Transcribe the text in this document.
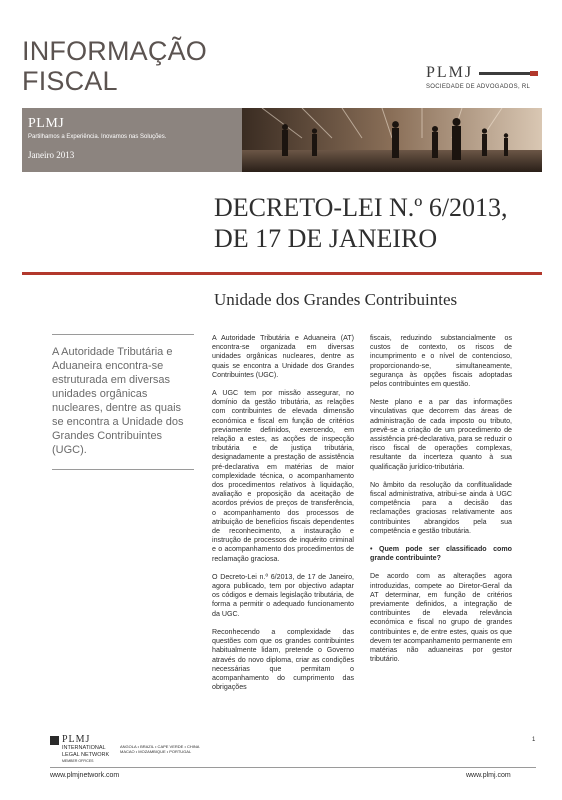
INFORMAÇÃO
FISCAL	PLMJ
SOCIEDADE DE ADVOGADOS, RL
PLMJ
Partilhamos a Experiência. Inovamos nas Soluções.
Janeiro 2013
DECRETO-LEI N.º 6/2013,
DE 17 DE JANEIRO
Unidade dos Grandes Contribuintes
A Autoridade Tributária e Aduaneira encontra-se estruturada em diversas unidades orgânicas nucleares, dentre as quais se encontra a Unidade dos Grandes Contribuintes (UGC).

A Autoridade Tributária e Aduaneira (AT) encontra-se organizada em diversas unidades orgânicas nucleares, dentre as quais se encontra a Unidade dos Grandes Contribuintes (UGC).

A UGC tem por missão assegurar, no domínio da gestão tributária, as relações com contribuintes de elevada dimensão económica e fiscal em função de critérios previamente definidos, exercendo, em relação a estes, as acções de inspecção tributária e de justiça tributária, designadamente a prestação de assistência pré-declarativa em matérias de maior complexidade técnica, o acompanhamento dos procedimentos relativos à liquidação, avaliação e proposição da aceitação de acordos prévios de preços de transferência, o acompanhamento dos processos de atribuição de benefícios fiscais dependentes de reconhecimento, a instauração e instrução de processos de inquérito criminal e o acompanhamento dos procedimentos de reclamação graciosa.

O Decreto-Lei n.º 6/2013, de 17 de Janeiro, agora publicado, tem por objectivo adaptar os códigos e demais legislação tributária, de forma a permitir o adequado funcionamento da UGC.

Reconhecendo a complexidade das questões com que os grandes contribuintes habitualmente lidam, pretende o Governo através do novo diploma, criar as condições necessárias que permitam o acompanhamento do cumprimento das obrigações

fiscais, reduzindo substancialmente os custos de contexto, os riscos de incumprimento e o nível de contencioso, proporcionando-se, simultaneamente, segurança às opções fiscais adoptadas pelos contribuintes em questão.

Neste plano e a par das informações vinculativas que decorrem das áreas de administração de cada imposto ou tributo, prevê-se a criação de um procedimento de assistência pré-declarativa, para se reduzir o risco fiscal de operações complexas, resultante da incerteza quanto à sua qualificação jurídico-tributária.

No âmbito da resolução da conflitualidade fiscal administrativa, atribui-se ainda à UGC competência para a decisão das reclamações graciosas relativamente aos contribuintes abrangidos pela sua competência e gestão tributária.

• Quem pode ser classificado como grande contribuinte?

De acordo com as alterações agora introduzidas, compete ao Diretor-Geral da AT determinar, em função de critérios previamente definidos, a integração de contribuintes de elevada relevância económica e fiscal no grupo de grandes contribuintes e, de entre estes, quais os que devem ter acompanhamento permanente em matérias não aduaneiras por gestor tributário.

1
PLMJ
INTERNATIONAL
LEGAL NETWORK
MEMBER OFFICES
ANGOLA • BRAZIL • CAPE VERDE • CHINA
MACAO • MOZAMBIQUE • PORTUGAL
www.plmjnetwork.com	www.plmj.com
